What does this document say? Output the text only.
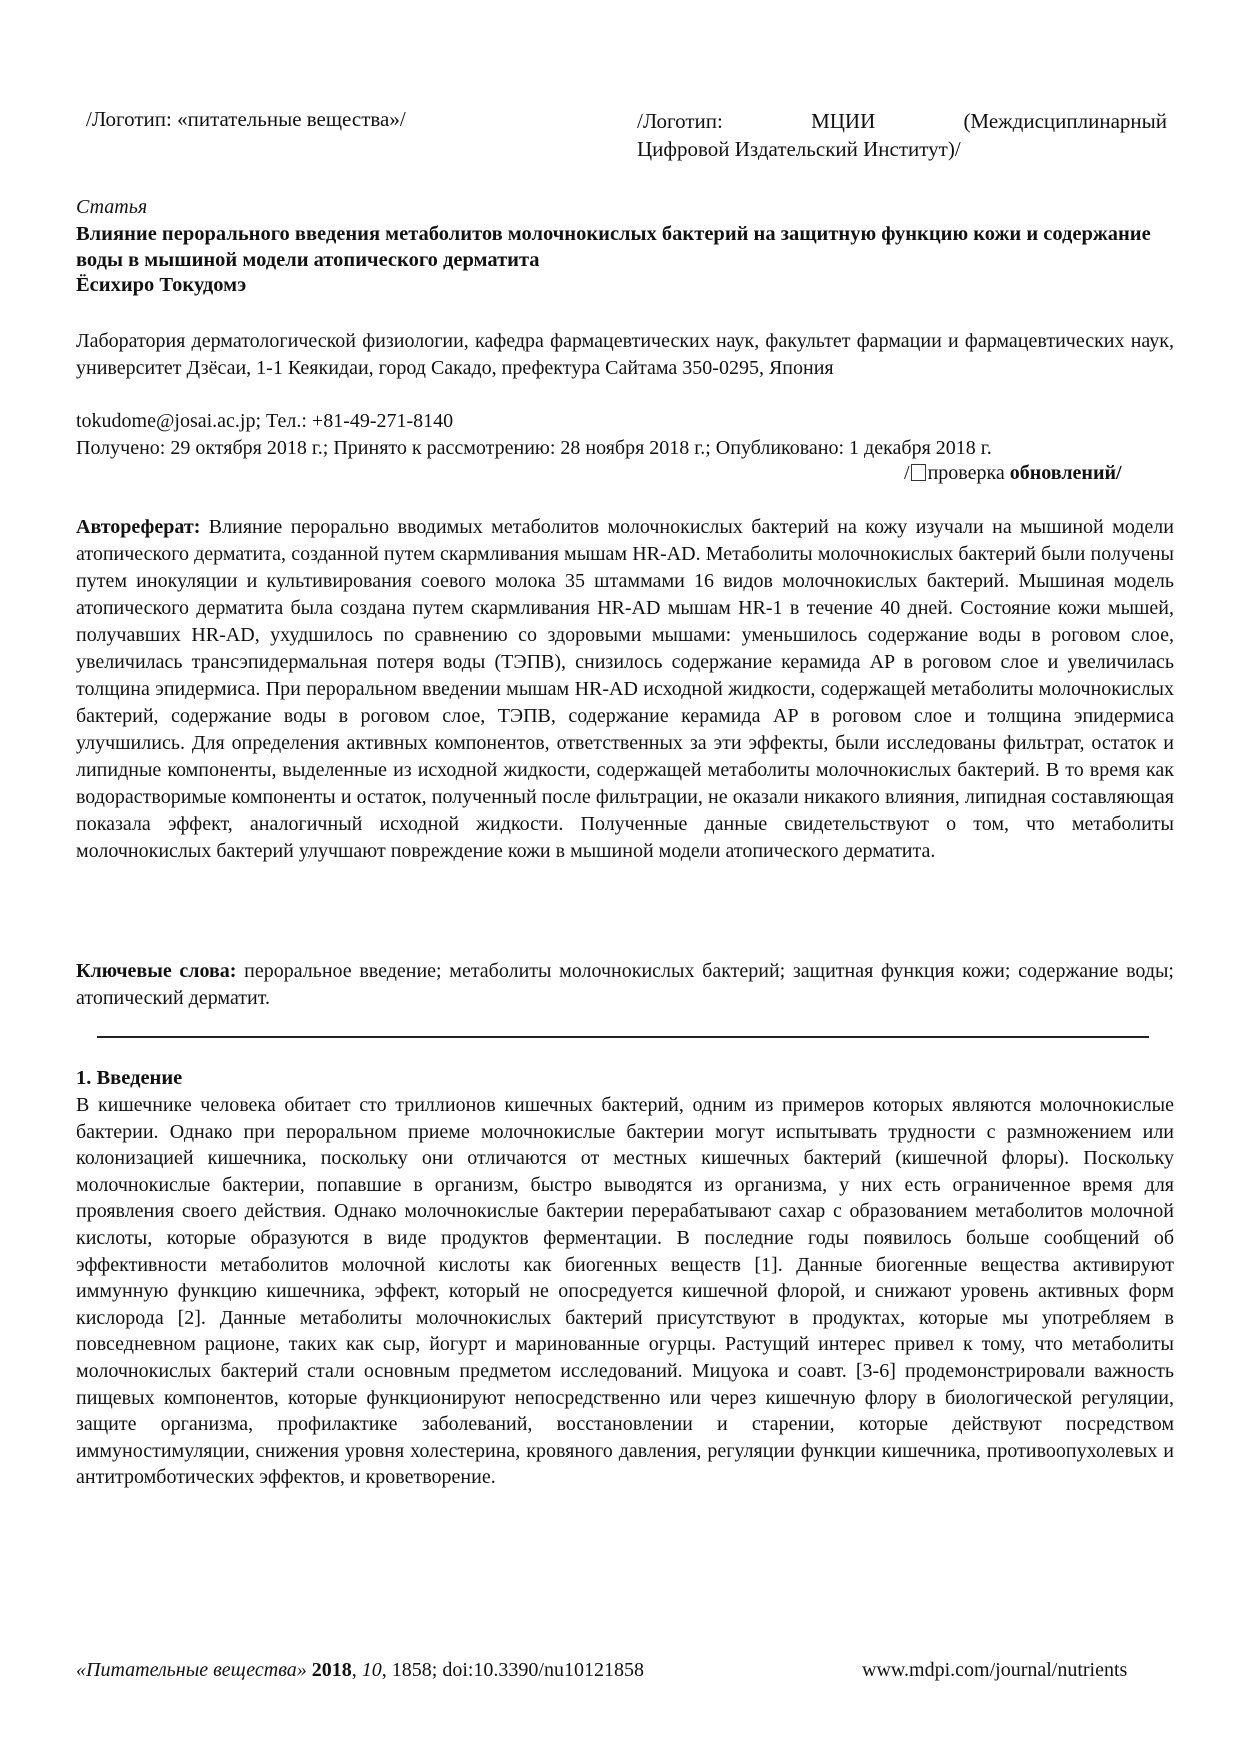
/Логотип: «питательные вещества»/	/Логотип:	МЦИИ	(Междисциплинарный
Цифровой Издательский Институт)/
Статья
Влияние перорального введения метаболитов молочнокислых бактерий на защитную функцию кожи и содержание воды в мышиной модели атопического дерматита
Ёсихиро Токудомэ
Лаборатория дерматологической физиологии, кафедра фармацевтических наук, факультет фармации и фармацевтических наук, университет Дзёсаи, 1-1 Кеякидаи, город Сакадо, префектура Сайтама 350-0295, Япония
tokudome@josai.ac.jp; Тел.: +81-49-271-8140
Получено: 29 октября 2018 г.; Принято к рассмотрению: 28 ноября 2018 г.; Опубликовано: 1 декабря 2018 г.
/ проверка обновлений/
Автореферат: Влияние перорально вводимых метаболитов молочнокислых бактерий на кожу изучали на мышиной модели атопического дерматита, созданной путем скармливания мышам HR-AD. Метаболиты молочнокислых бактерий были получены путем инокуляции и культивирования соевого молока 35 штаммами 16 видов молочнокислых бактерий. Мышиная модель атопического дерматита была создана путем скармливания HR-AD мышам HR-1 в течение 40 дней. Состояние кожи мышей, получавших HR-AD, ухудшилось по сравнению со здоровыми мышами: уменьшилось содержание воды в роговом слое, увеличилась трансэпидермальная потеря воды (ТЭПВ), снизилось содержание керамида AP в роговом слое и увеличилась толщина эпидермиса. При пероральном введении мышам HR-AD исходной жидкости, содержащей метаболиты молочнокислых бактерий, содержание воды в роговом слое, ТЭПВ, содержание керамида AP в роговом слое и толщина эпидермиса улучшились. Для определения активных компонентов, ответственных за эти эффекты, были исследованы фильтрат, остаток и липидные компоненты, выделенные из исходной жидкости, содержащей метаболиты молочнокислых бактерий. В то время как водорастворимые компоненты и остаток, полученный после фильтрации, не оказали никакого влияния, липидная составляющая показала эффект, аналогичный исходной жидкости. Полученные данные свидетельствуют о том, что метаболиты молочнокислых бактерий улучшают повреждение кожи в мышиной модели атопического дерматита.
Ключевые слова: пероральное введение; метаболиты молочнокислых бактерий; защитная функция кожи; содержание воды; атопический дерматит.
1. Введение
В кишечнике человека обитает сто триллионов кишечных бактерий, одним из примеров которых являются молочнокислые бактерии. Однако при пероральном приеме молочнокислые бактерии могут испытывать трудности с размножением или колонизацией кишечника, поскольку они отличаются от местных кишечных бактерий (кишечной флоры). Поскольку молочнокислые бактерии, попавшие в организм, быстро выводятся из организма, у них есть ограниченное время для проявления своего действия. Однако молочнокислые бактерии перерабатывают сахар с образованием метаболитов молочной кислоты, которые образуются в виде продуктов ферментации. В последние годы появилось больше сообщений об эффективности метаболитов молочной кислоты как биогенных веществ [1]. Данные биогенные вещества активируют иммунную функцию кишечника, эффект, который не опосредуется кишечной флорой, и снижают уровень активных форм кислорода [2]. Данные метаболиты молочнокислых бактерий присутствуют в продуктах, которые мы употребляем в повседневном рационе, таких как сыр, йогурт и маринованные огурцы. Растущий интерес привел к тому, что метаболиты молочнокислых бактерий стали основным предметом исследований. Мицуока и соавт. [3-6] продемонстрировали важность пищевых компонентов, которые функционируют непосредственно или через кишечную флору в биологической регуляции, защите организма, профилактике заболеваний, восстановлении и старении, которые действуют посредством иммуностимуляции, снижения уровня холестерина, кровяного давления, регуляции функции кишечника, противоопухолевых и антитромботических эффектов, и кроветворение.
«Питательные вещества» 2018, 10, 1858; doi:10.3390/nu10121858	www.mdpi.com/journal/nutrients
